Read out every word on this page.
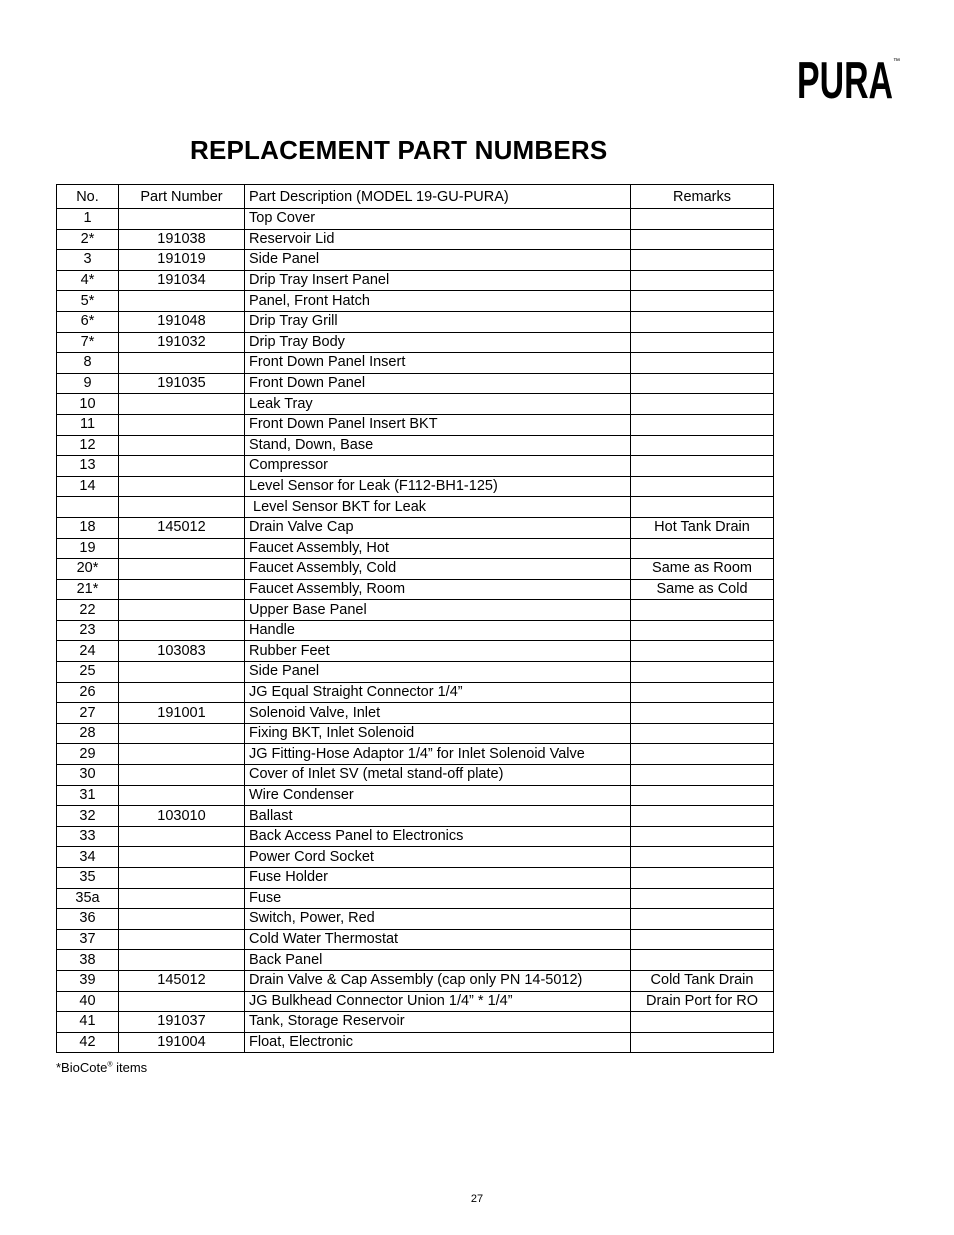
PURA ™
REPLACEMENT PART NUMBERS
No.	Part Number	Part Description (MODEL 19-GU-PURA)	Remarks
1		Top Cover	
2*	191038	Reservoir Lid	
3	191019	Side Panel	
4*	191034	Drip Tray Insert Panel	
5*		Panel, Front Hatch	
6*	191048	Drip Tray Grill	
7*	191032	Drip Tray Body	
8		Front Down Panel Insert	
9	191035	Front Down Panel	
10		Leak Tray	
11		Front Down Panel Insert BKT	
12		Stand, Down, Base	
13		Compressor	
14		Level Sensor for Leak (F112-BH1-125)	
		Level Sensor BKT for Leak	
18	145012	Drain Valve Cap	Hot Tank Drain
19		Faucet Assembly, Hot	
20*		Faucet Assembly, Cold	Same as Room
21*		Faucet Assembly, Room	Same as Cold
22		Upper Base Panel	
23		Handle	
24	103083	Rubber Feet	
25		Side Panel	
26		JG Equal Straight Connector 1/4”	
27	191001	Solenoid Valve, Inlet	
28		Fixing BKT, Inlet Solenoid	
29		JG Fitting-Hose Adaptor 1/4” for Inlet Solenoid Valve	
30		Cover of Inlet SV (metal stand-off plate)	
31		Wire Condenser	
32	103010	Ballast	
33		Back Access Panel to Electronics	
34		Power Cord Socket	
35		Fuse Holder	
35a		Fuse	
36		Switch, Power, Red	
37		Cold Water Thermostat	
38		Back Panel	
39	145012	Drain Valve & Cap Assembly (cap only PN 14-5012)	Cold Tank Drain
40		JG Bulkhead Connector Union 1/4” * 1/4”	Drain Port for RO
41	191037	Tank, Storage Reservoir	
42	191004	Float, Electronic	
*BioCote® items
27
